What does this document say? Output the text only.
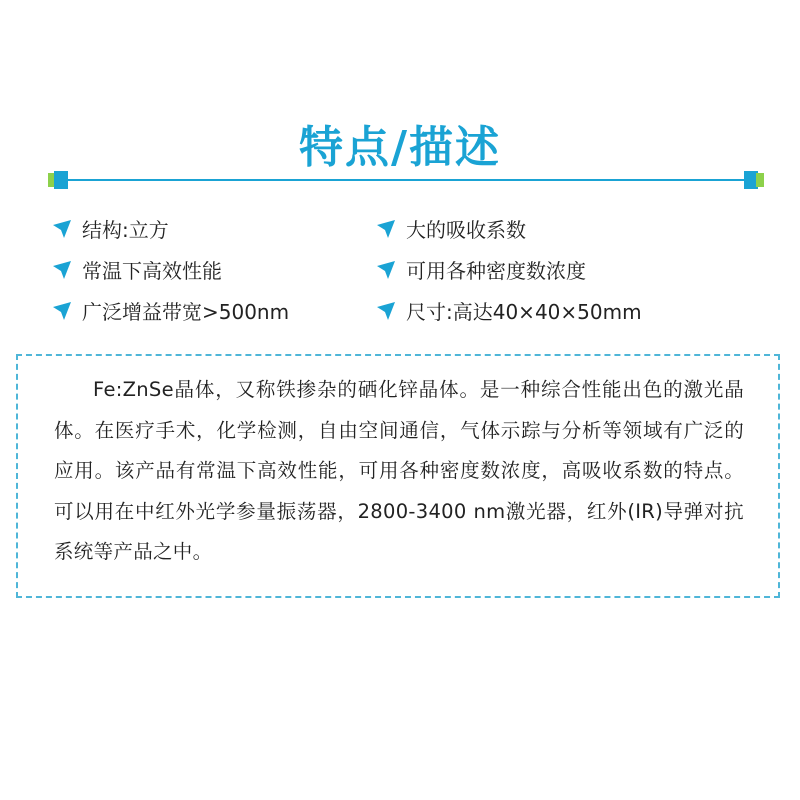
特点/描述
结构:立方	大的吸收系数
常温下高效性能	可用各种密度数浓度
广泛增益带宽>500nm	尺寸:高达40×40×50mm

Fe:ZnSe晶体，又称铁掺杂的硒化锌晶体。是一种综合性能出色的激光晶体。在医疗手术，化学检测，自由空间通信，气体示踪与分析等领域有广泛的应用。该产品有常温下高效性能，可用各种密度数浓度，高吸收系数的特点。可以用在中红外光学参量振荡器，2800-3400 nm激光器，红外(IR)导弹对抗系统等产品之中。
